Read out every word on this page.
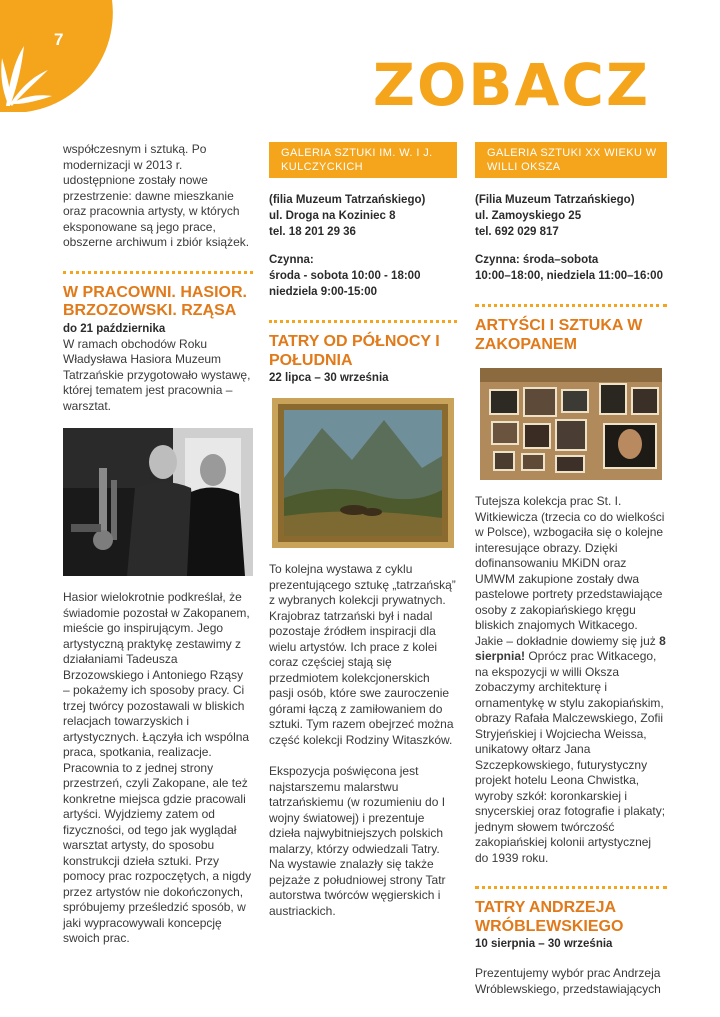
7
ZOBACZ

współczesnym i sztuką. Po modernizacji w 2013 r. udostępnione zostały nowe przestrzenie: dawne mieszkanie oraz pracownia artysty, w których eksponowane są jego prace, obszerne archiwum i zbiór książek.

W PRACOWNI. HASIOR. BRZOZOWSKI. RZĄSA
do 21 października

W ramach obchodów Roku Władysława Hasiora Muzeum Tatrzańskie przygotowało wystawę, której tematem jest pracownia – warsztat.

Hasior wielokrotnie podkreślał, że świadomie pozostał w Zakopanem, mieście go inspirującym. Jego artystyczną praktykę zestawimy z działaniami Tadeusza Brzozowskiego i Antoniego Rząsy – pokażemy ich sposoby pracy. Ci trzej twórcy pozostawali w bliskich relacjach towarzyskich i artystycznych. Łączyła ich wspólna praca, spotkania, realizacje. Pracownia to z jednej strony przestrzeń, czyli Zakopane, ale też konkretne miejsca gdzie pracowali artyści. Wyjdziemy zatem od fizyczności, od tego jak wyglądał warsztat artysty, do sposobu konstrukcji dzieła sztuki. Przy pomocy prac rozpoczętych, a nigdy przez artystów nie dokończonych, spróbujemy prześledzić sposób, w jaki wypracowywali koncepcję swoich prac.

GALERIA SZTUKI IM. W. I J. KULCZYCKICH

(filia Muzeum Tatrzańskiego)

ul. Droga na Koziniec 8

tel. 18 201 29 36

Czynna:

środa - sobota 10:00 - 18:00

niedziela 9:00-15:00

TATRY OD PÓŁNOCY I POŁUDNIA
22 lipca – 30 września

To kolejna wystawa z cyklu prezentującego sztukę „tatrzańską” z wybranych kolekcji prywatnych. Krajobraz tatrzański był i nadal pozostaje źródłem inspiracji dla wielu artystów. Ich prace z kolei coraz częściej stają się przedmiotem kolekcjonerskich pasji osób, które swe zauroczenie górami łączą z zamiłowaniem do sztuki. Tym razem obejrzeć można część kolekcji Rodziny Witaszków.

Ekspozycja poświęcona jest najstarszemu malarstwu tatrzańskiemu (w rozumieniu do I wojny światowej) i prezentuje dzieła najwybitniejszych polskich malarzy, którzy odwiedzali Tatry. Na wystawie znalazły się także pejzaże z południowej strony Tatr autorstwa twórców węgierskich i austriackich.

GALERIA SZTUKI XX WIEKU W WILLI OKSZA

(Filia Muzeum Tatrzańskiego)

ul. Zamoyskiego 25

tel. 692 029 817

Czynna: środa–sobota

10:00–18:00, niedziela 11:00–16:00

ARTYŚCI I SZTUKA W ZAKOPANEM

Tutejsza kolekcja prac St. I. Witkiewicza (trzecia co do wielkości w Polsce), wzbogaciła się o kolejne interesujące obrazy. Dzięki dofinansowaniu MKiDN oraz UMWM zakupione zostały dwa pastelowe portrety przedstawiające osoby z zakopiańskiego kręgu bliskich znajomych Witkacego. Jakie – dokładnie dowiemy się już 8 sierpnia! Oprócz prac Witkacego, na ekspozycji w willi Oksza zobaczymy architekturę i ornamentykę w stylu zakopiańskim, obrazy Rafała Malczewskiego, Zofii Stryjeńskiej i Wojciecha Weissa, unikatowy ołtarz Jana Szczepkowskiego, futurystyczny projekt hotelu Leona Chwistka, wyroby szkół: koronkarskiej i snycerskiej oraz fotografie i plakaty; jednym słowem twórczość zakopiańskiej kolonii artystycznej do 1939 roku.

TATRY ANDRZEJA WRÓBLEWSKIEGO
10 sierpnia – 30 września

Prezentujemy wybór prac Andrzeja Wróblewskiego, przedstawiających
